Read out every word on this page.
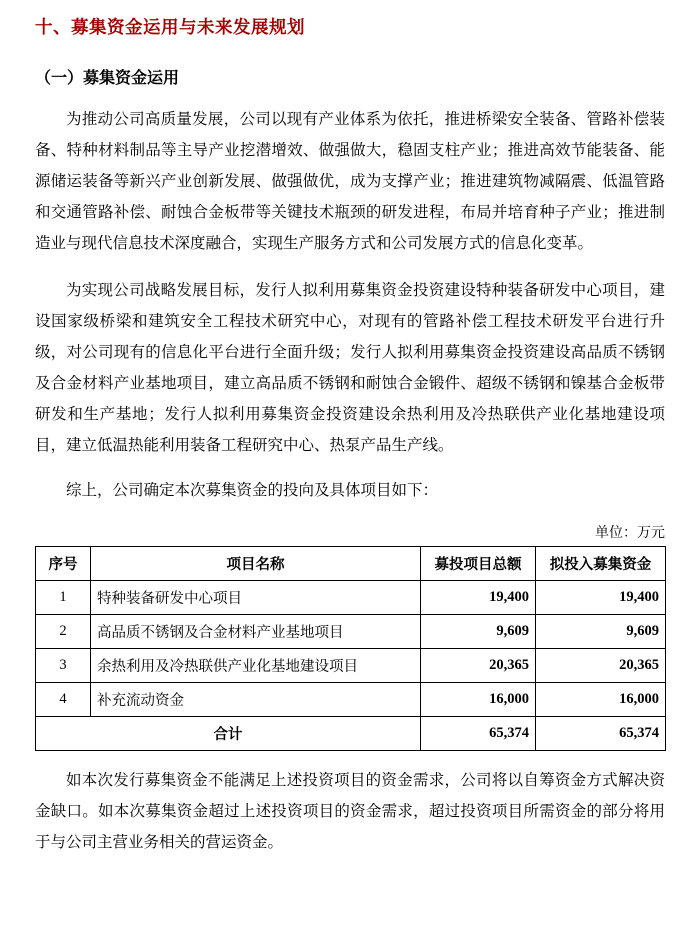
十、募集资金运用与未来发展规划
（一）募集资金运用

为推动公司高质量发展，公司以现有产业体系为依托，推进桥梁安全装备、管路补偿装备、特种材料制品等主导产业挖潜增效、做强做大，稳固支柱产业；推进高效节能装备、能源储运装备等新兴产业创新发展、做强做优，成为支撑产业；推进建筑物减隔震、低温管路和交通管路补偿、耐蚀合金板带等关键技术瓶颈的研发进程，布局并培育种子产业；推进制造业与现代信息技术深度融合，实现生产服务方式和公司发展方式的信息化变革。

为实现公司战略发展目标，发行人拟利用募集资金投资建设特种装备研发中心项目，建设国家级桥梁和建筑安全工程技术研究中心，对现有的管路补偿工程技术研发平台进行升级，对公司现有的信息化平台进行全面升级；发行人拟利用募集资金投资建设高品质不锈钢及合金材料产业基地项目，建立高品质不锈钢和耐蚀合金锻件、超级不锈钢和镍基合金板带研发和生产基地；发行人拟利用募集资金投资建设余热利用及冷热联供产业化基地建设项目，建立低温热能利用装备工程研究中心、热泵产品生产线。

综上，公司确定本次募集资金的投向及具体项目如下：

单位：万元
序号	项目名称	募投项目总额	拟投入募集资金
1	特种装备研发中心项目	19,400	19,400
2	高品质不锈钢及合金材料产业基地项目	9,609	9,609
3	余热利用及冷热联供产业化基地建设项目	20,365	20,365
4	补充流动资金	16,000	16,000
合计		65,374	65,374

如本次发行募集资金不能满足上述投资项目的资金需求，公司将以自筹资金方式解决资金缺口。如本次募集资金超过上述投资项目的资金需求，超过投资项目所需资金的部分将用于与公司主营业务相关的营运资金。
